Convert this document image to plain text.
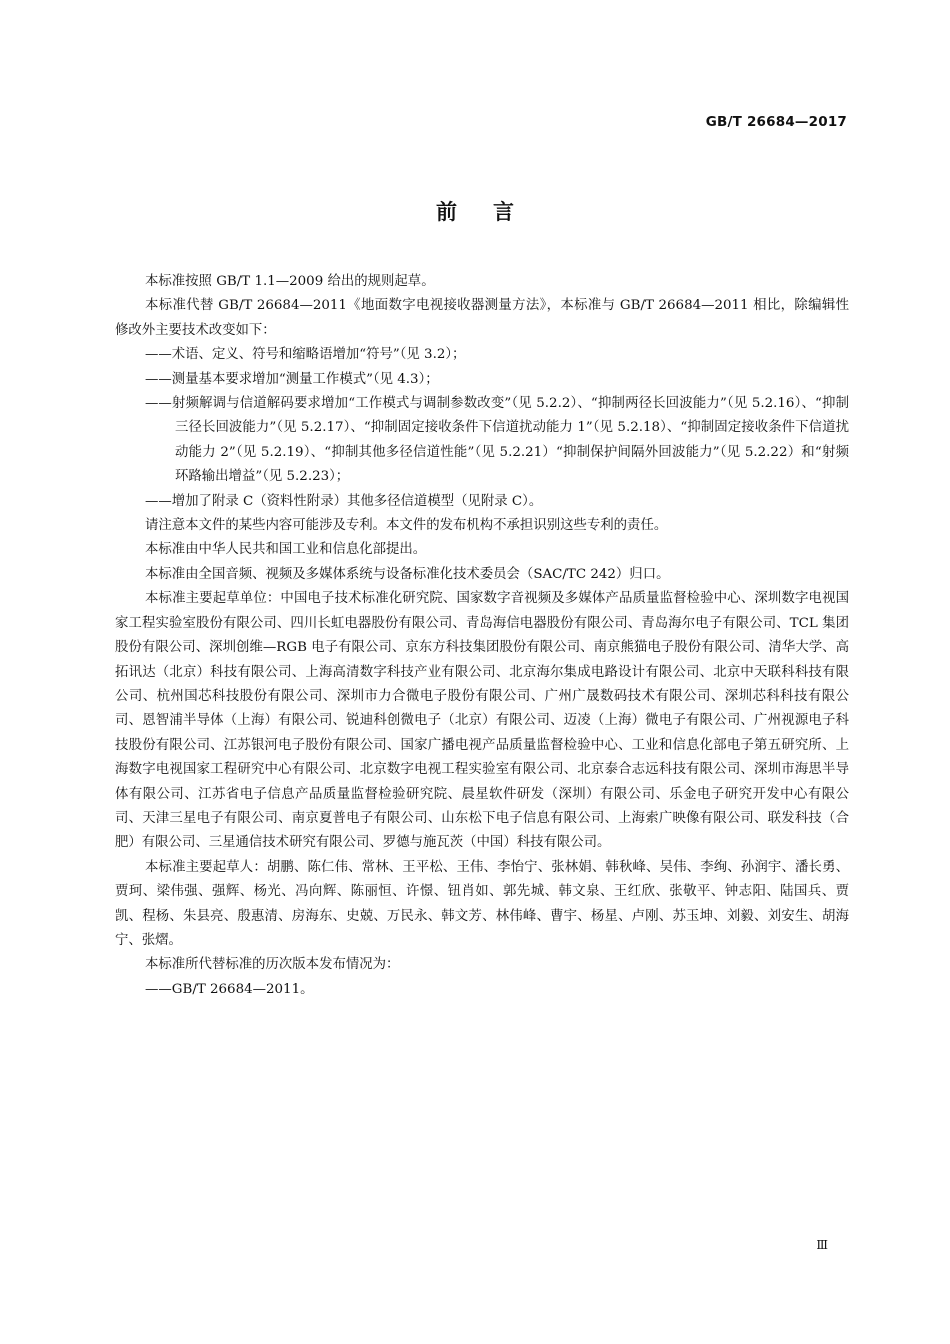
GB/T 26684—2017
前言

本标准按照 GB/T 1.1—2009 给出的规则起草。

本标准代替 GB/T 26684—2011《地面数字电视接收器测量方法》，本标准与 GB/T 26684—2011 相比，除编辑性修改外主要技术改变如下：

——术语、定义、符号和缩略语增加“符号”（见 3.2）；

——测量基本要求增加“测量工作模式”（见 4.3）；

——射频解调与信道解码要求增加“工作模式与调制参数改变”（见 5.2.2）、“抑制两径长回波能力”（见 5.2.16）、“抑制三径长回波能力”（见 5.2.17）、“抑制固定接收条件下信道扰动能力 1”（见 5.2.18）、“抑制固定接收条件下信道扰动能力 2”（见 5.2.19）、“抑制其他多径信道性能”（见 5.2.21）“抑制保护间隔外回波能力”（见 5.2.22）和“射频环路输出增益”（见 5.2.23）；

——增加了附录 C（资料性附录）其他多径信道模型（见附录 C）。

请注意本文件的某些内容可能涉及专利。本文件的发布机构不承担识别这些专利的责任。

本标准由中华人民共和国工业和信息化部提出。

本标准由全国音频、视频及多媒体系统与设备标准化技术委员会（SAC/TC 242）归口。

本标准主要起草单位：中国电子技术标准化研究院、国家数字音视频及多媒体产品质量监督检验中心、深圳数字电视国家工程实验室股份有限公司、四川长虹电器股份有限公司、青岛海信电器股份有限公司、青岛海尔电子有限公司、TCL 集团股份有限公司、深圳创维—RGB 电子有限公司、京东方科技集团股份有限公司、南京熊猫电子股份有限公司、清华大学、高拓讯达（北京）科技有限公司、上海高清数字科技产业有限公司、北京海尔集成电路设计有限公司、北京中天联科科技有限公司、杭州国芯科技股份有限公司、深圳市力合微电子股份有限公司、广州广晟数码技术有限公司、深圳芯科科技有限公司、恩智浦半导体（上海）有限公司、锐迪科创微电子（北京）有限公司、迈凌（上海）微电子有限公司、广州视源电子科技股份有限公司、江苏银河电子股份有限公司、国家广播电视产品质量监督检验中心、工业和信息化部电子第五研究所、上海数字电视国家工程研究中心有限公司、北京数字电视工程实验室有限公司、北京泰合志远科技有限公司、深圳市海思半导体有限公司、江苏省电子信息产品质量监督检验研究院、晨星软件研发（深圳）有限公司、乐金电子研究开发中心有限公司、天津三星电子有限公司、南京夏普电子有限公司、山东松下电子信息有限公司、上海索广映像有限公司、联发科技（合肥）有限公司、三星通信技术研究有限公司、罗德与施瓦茨（中国）科技有限公司。

本标准主要起草人：胡鹏、陈仁伟、常林、王平松、王伟、李怡宁、张林娟、韩秋峰、吴伟、李绚、孙润宇、潘长勇、贾珂、梁伟强、强辉、杨光、冯向辉、陈丽恒、许憬、钮肖如、郭先城、韩文泉、王红欣、张敬平、钟志阳、陆国兵、贾凯、程杨、朱县亮、殷惠清、房海东、史兢、万民永、韩文芳、林伟峰、曹宇、杨星、卢刚、苏玉坤、刘毅、刘安生、胡海宁、张熠。

本标准所代替标准的历次版本发布情况为：

——GB/T 26684—2011。

Ⅲ
